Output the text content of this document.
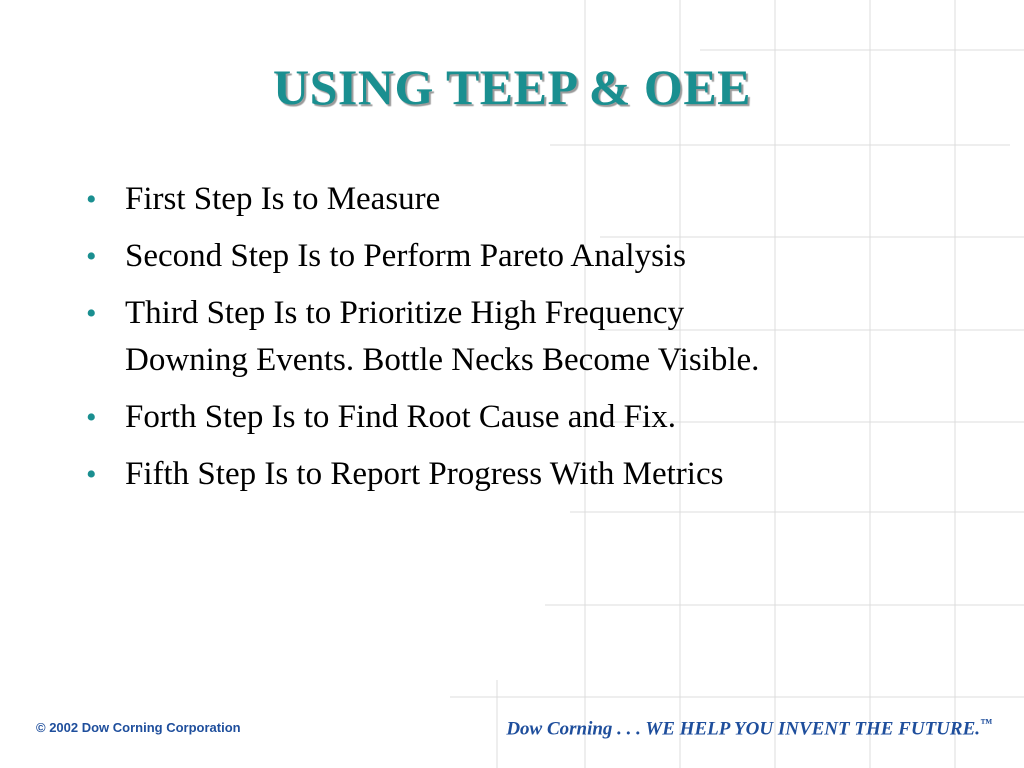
USING TEEP & OEE
• First Step Is to Measure
• Second Step Is to Perform Pareto Analysis
• Third Step Is to Prioritize High Frequency
Downing Events. Bottle Necks Become Visible.
• Forth Step Is to Find Root Cause and Fix.
• Fifth Step Is to Report Progress With Metrics
© 2002 Dow Corning Corporation	Dow Corning . . . WE HELP YOU INVENT THE FUTURE.™
